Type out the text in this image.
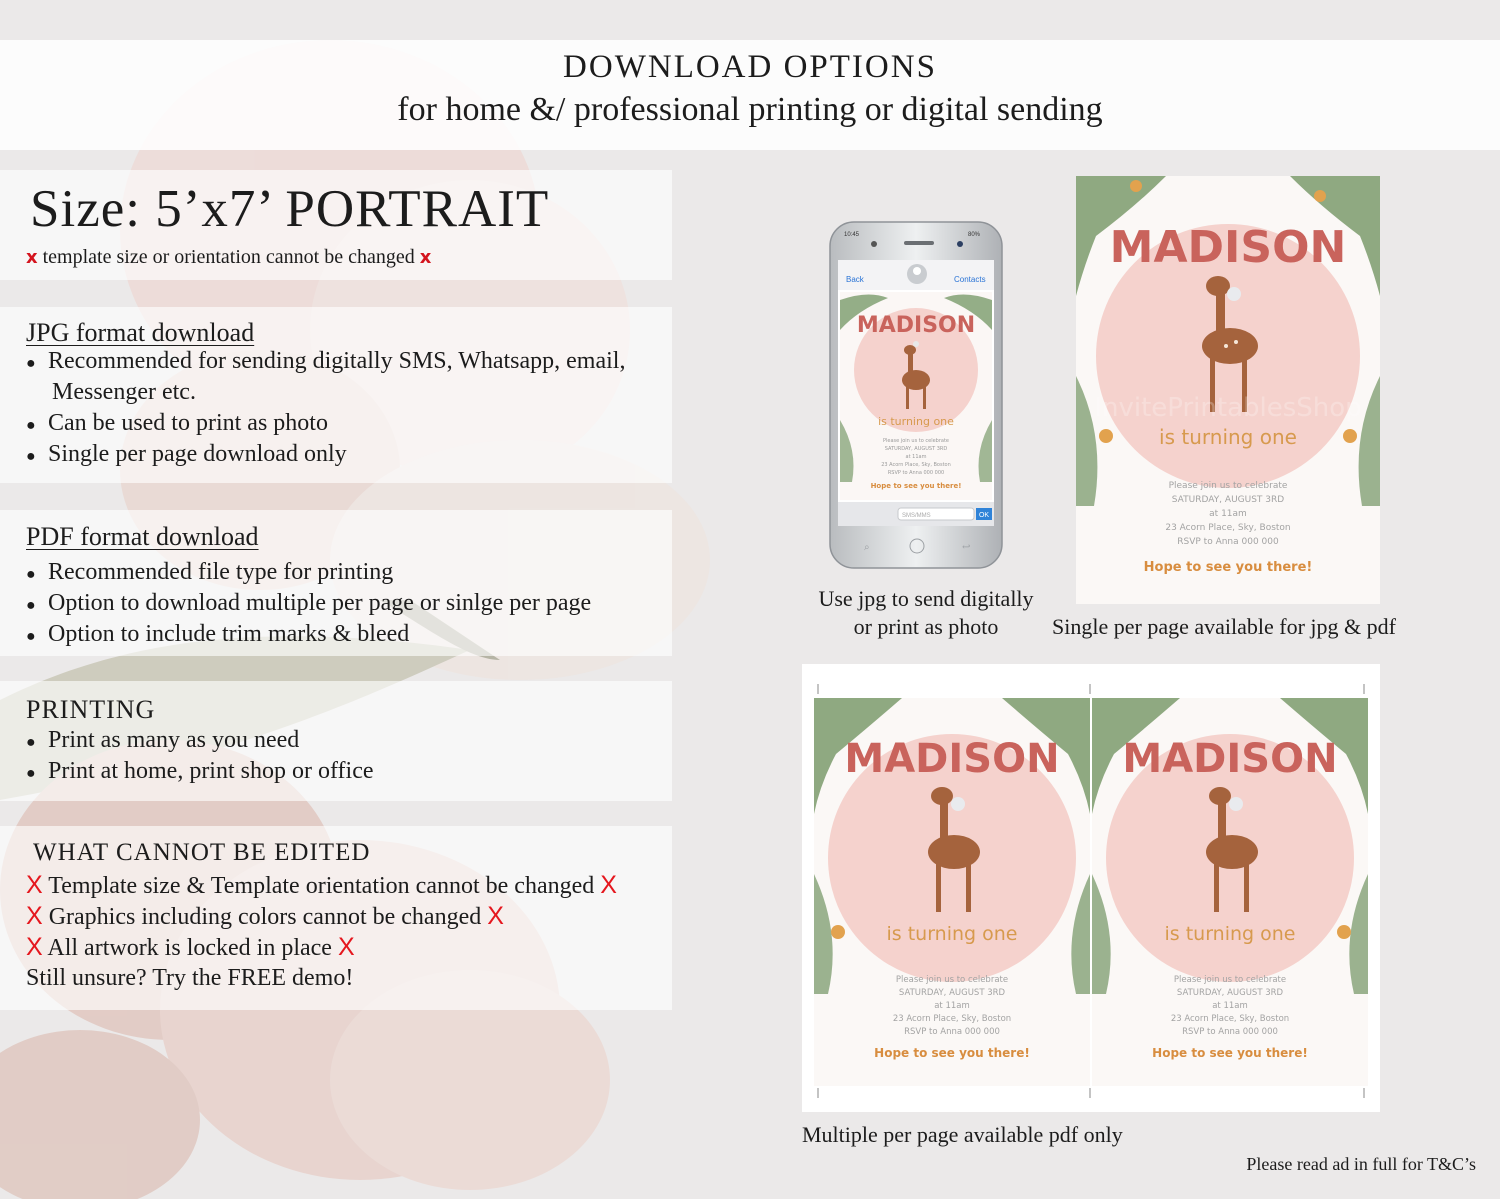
DOWNLOAD OPTIONS
for home &/ professional printing or digital sending
Size: 5’x7’ PORTRAIT
x template size or orientation cannot be changed x
JPG format download
● Recommended for sending digitally SMS, Whatsapp, email,
Messenger etc.
● Can be used to print as photo
● Single per page download only
PDF format download
● Recommended file type for printing
● Option to download multiple per page or sinlge per page
● Option to include trim marks & bleed
PRINTING
● Print as many as you need
● Print at home, print shop or office
WHAT CANNOT BE EDITED
X Template size & Template orientation cannot be changed X
X Graphics including colors cannot be changed X
X All artwork is locked in place X
Still unsure? Try the FREE demo!
10:45	80%
Back	Contacts
MADISON
is turning one
Please join us to celebrate
SATURDAY, AUGUST 3RD
at 11am
23 Acorn Place, Sky, Boston
RSVP to Anna 000 000
Hope to see you there!
SMS/MMS	OK
⌕	↩
Use jpg to send digitally
or print as photo
MADISON
is turning one
Please join us to celebrate
SATURDAY, AUGUST 3RD
at 11am
23 Acorn Place, Sky, Boston
RSVP to Anna 000 000
Hope to see you there!
InvitePrintablesShop
Single per page available for jpg & pdf
MADISON
is turning one
Please join us to celebrate
SATURDAY, AUGUST 3RD
at 11am
23 Acorn Place, Sky, Boston
RSVP to Anna 000 000
Hope to see you there!
MADISON
is turning one
Please join us to celebrate
SATURDAY, AUGUST 3RD
at 11am
23 Acorn Place, Sky, Boston
RSVP to Anna 000 000
Hope to see you there!
Multiple per page available pdf only
Please read ad in full for T&C’s
